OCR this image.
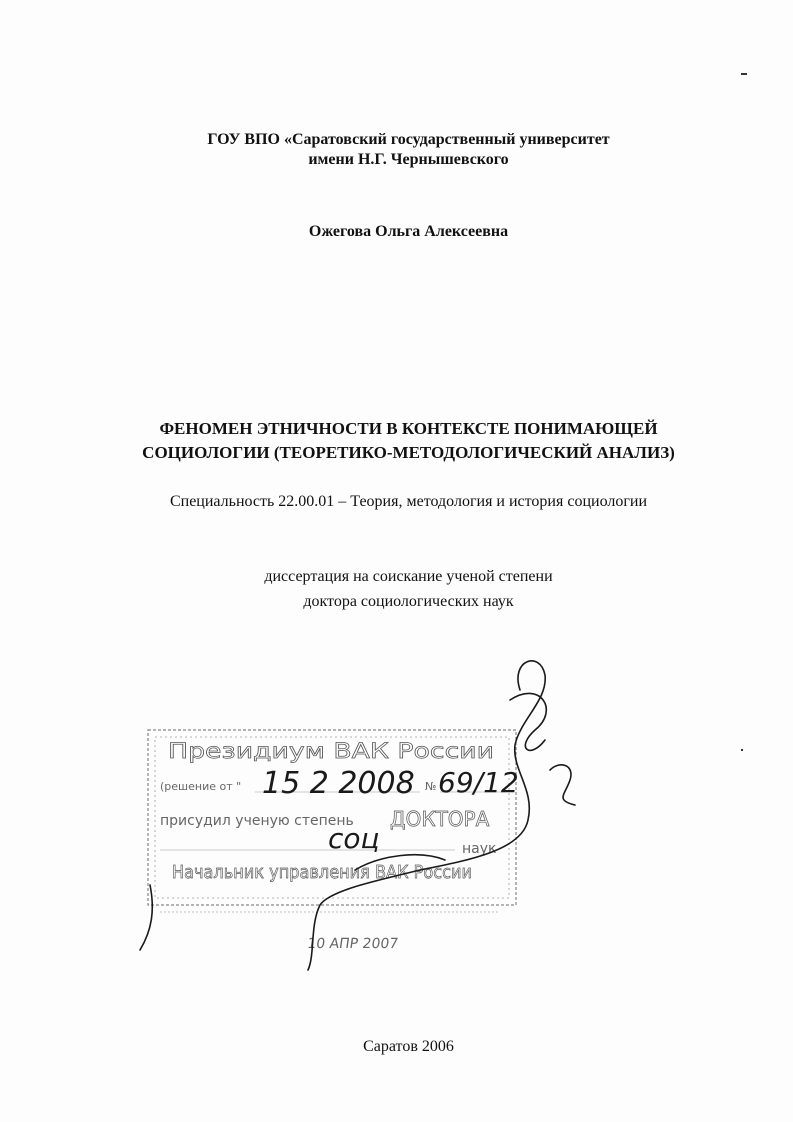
ГОУ ВПО «Саратовский государственный университет
имени Н.Г. Чернышевского
Ожегова Ольга Алексеевна
ФЕНОМЕН ЭТНИЧНОСТИ В КОНТЕКСТЕ ПОНИМАЮЩЕЙ
СОЦИОЛОГИИ (ТЕОРЕТИКО-МЕТОДОЛОГИЧЕСКИЙ АНАЛИЗ)
Специальность 22.00.01 – Теория, методология и история социологии
диссертация на соискание ученой степени
доктора социологических наук
Президиум ВАК России
(решение от "	№
присудил ученую степень ДОКТОРА
наук
Начальник управления ВАК России
15 2 2008 69/12
соц
10 АПР 2007
Саратов 2006
